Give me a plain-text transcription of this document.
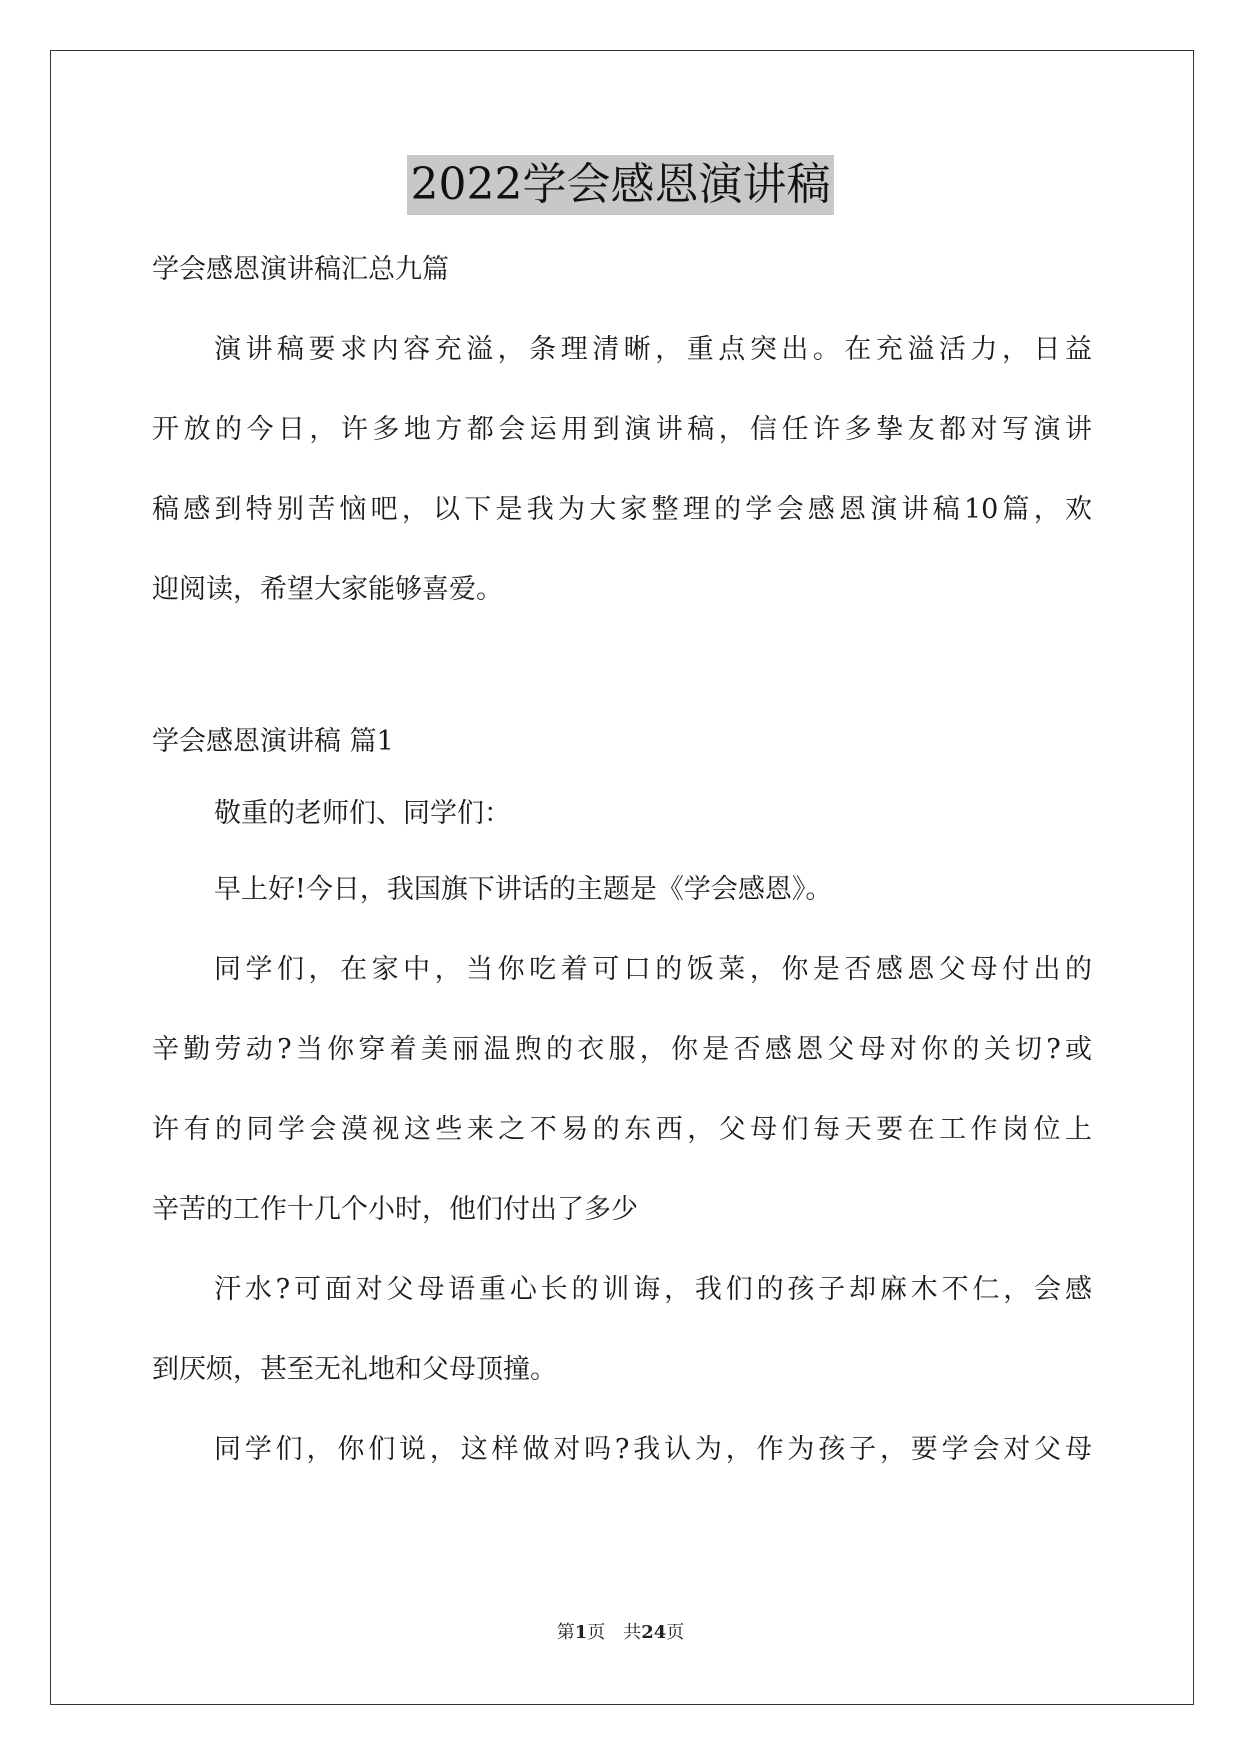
2022学会感恩演讲稿
学会感恩演讲稿汇总九篇
演讲稿要求内容充溢，条理清晰，重点突出。在充溢活力，日益
开放的今日，许多地方都会运用到演讲稿，信任许多挚友都对写演讲
稿感到特别苦恼吧，以下是我为大家整理的学会感恩演讲稿10篇，欢
迎阅读，希望大家能够喜爱。
学会感恩演讲稿 篇1
敬重的老师们、同学们：
早上好!今日，我国旗下讲话的主题是《学会感恩》。
同学们，在家中，当你吃着可口的饭菜，你是否感恩父母付出的
辛勤劳动?当你穿着美丽温煦的衣服，你是否感恩父母对你的关切?或
许有的同学会漠视这些来之不易的东西，父母们每天要在工作岗位上
辛苦的工作十几个小时，他们付出了多少
汗水?可面对父母语重心长的训诲，我们的孩子却麻木不仁，会感
到厌烦，甚至无礼地和父母顶撞。
同学们，你们说，这样做对吗?我认为，作为孩子，要学会对父母
第1页 共24页
